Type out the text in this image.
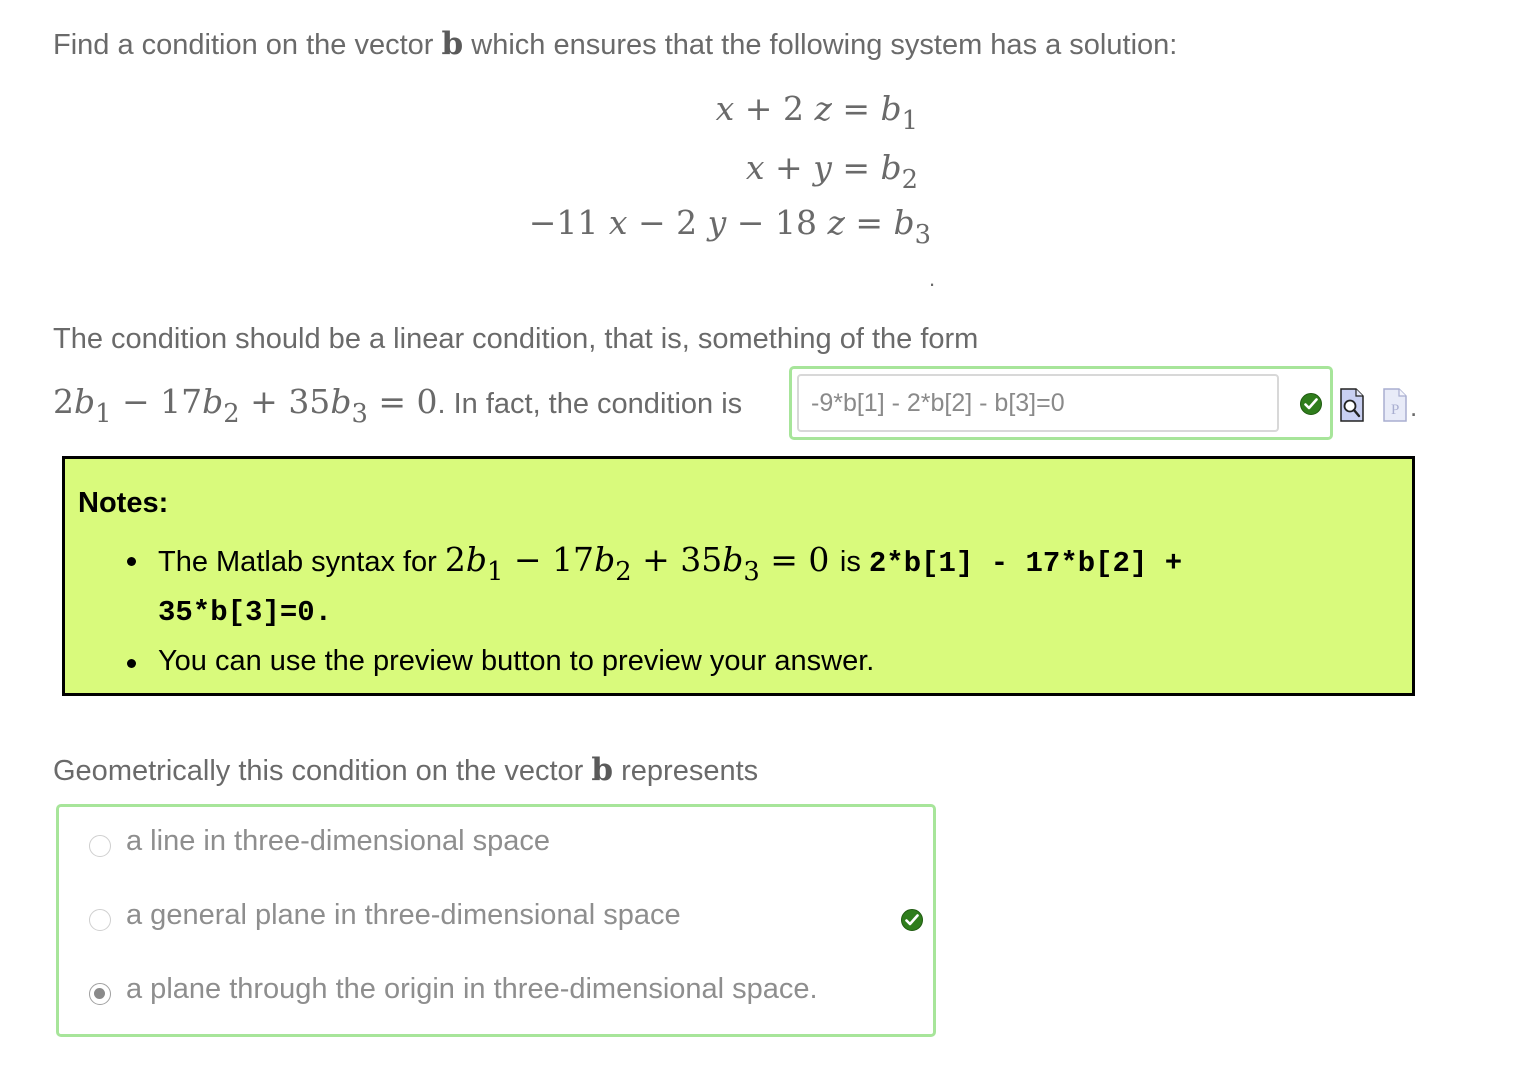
Find a condition on the vector b which ensures that the following system has a solution:
x + 2 $z = b_1$
$x + y = b_2$
−11 x − 2 y − 18 $z = b_3$
.
The condition should be a linear condition, that is, something of the form
$2b_1 - 17b_2 + 35b_3 = 0$. In fact, the condition is
-9*b[1] - 2*b[2] - b[3]=0	P .
Notes:
The Matlab syntax for $2b_1 - 17b_2 + 35b_3 = 0$ is 2*b[1] - 17*b[2] +
35*b[3]=0.
You can use the preview button to preview your answer.
Geometrically this condition on the vector b represents
a line in three-dimensional space
a general plane in three-dimensional space
a plane through the origin in three-dimensional space.
